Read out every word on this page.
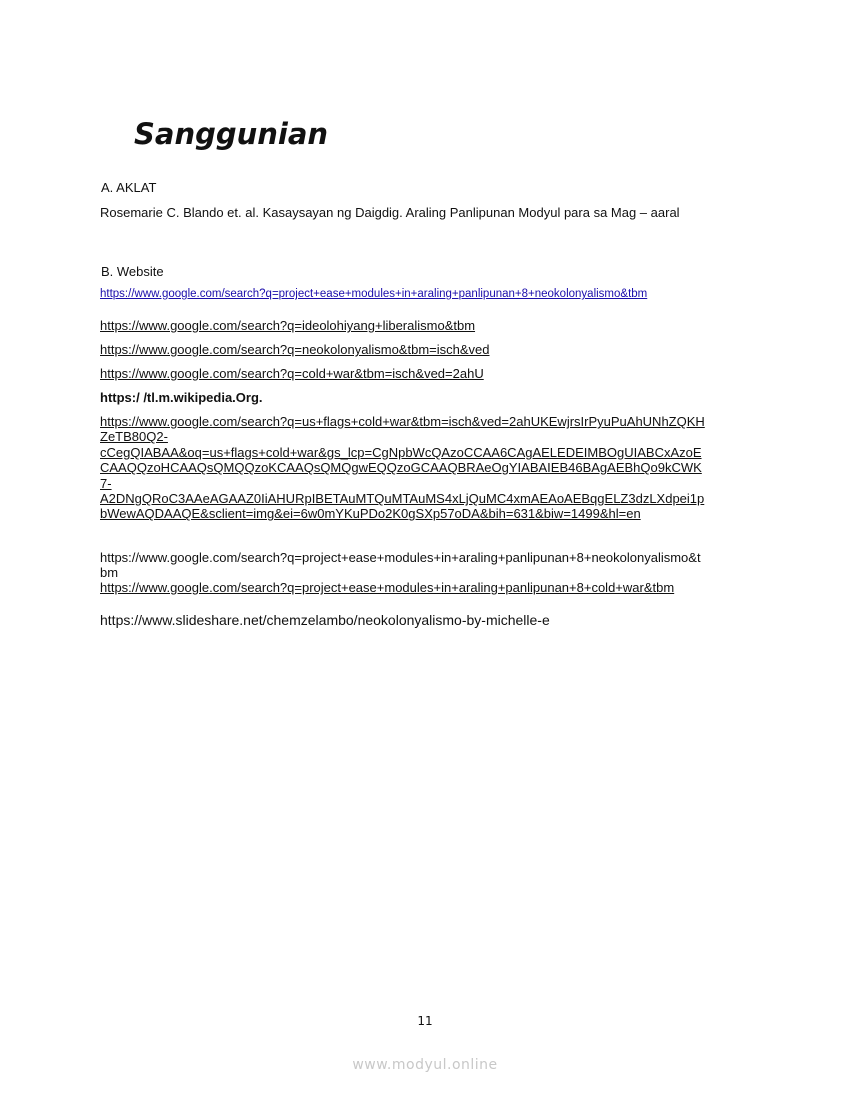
Sanggunian
A. AKLAT
Rosemarie C. Blando et. al. Kasaysayan ng Daigdig. Araling Panlipunan Modyul para sa Mag – aaral
B. Website
https://www.google.com/search?q=project+ease+modules+in+araling+panlipunan+8+neokolonyalismo&tbm
https://www.google.com/search?q=ideolohiyang+liberalismo&tbm
https://www.google.com/search?q=neokolonyalismo&tbm=isch&ved
https://www.google.com/search?q=cold+war&tbm=isch&ved=2ahU
https:/ /tl.m.wikipedia.Org.
https://www.google.com/search?q=us+flags+cold+war&tbm=isch&ved=2ahUKEwjrsIrPyuPuAhUNhZQKH
ZeTB80Q2-
cCegQIABAA&oq=us+flags+cold+war&gs_lcp=CgNpbWcQAzoCCAA6CAgAELEDEIMBOgUIABCxAzoE
CAAQQzoHCAAQsQMQQzoKCAAQsQMQgwEQQzoGCAAQBRAeOgYIABAIEB46BAgAEBhQo9kCWK
7-
A2DNgQRoC3AAeAGAAZ0IiAHURpIBETAuMTQuMTAuMS4xLjQuMC4xmAEAoAEBqgELZ3dzLXdpei1p
bWewAQDAAQE&sclient=img&ei=6w0mYKuPDo2K0gSXp57oDA&bih=631&biw=1499&hl=en
https://www.google.com/search?q=project+ease+modules+in+araling+panlipunan+8+neokolonyalismo&t
bm
https://www.google.com/search?q=project+ease+modules+in+araling+panlipunan+8+cold+war&tbm
https://www.slideshare.net/chemzelambo/neokolonyalismo-by-michelle-e
11
www.modyul.online
